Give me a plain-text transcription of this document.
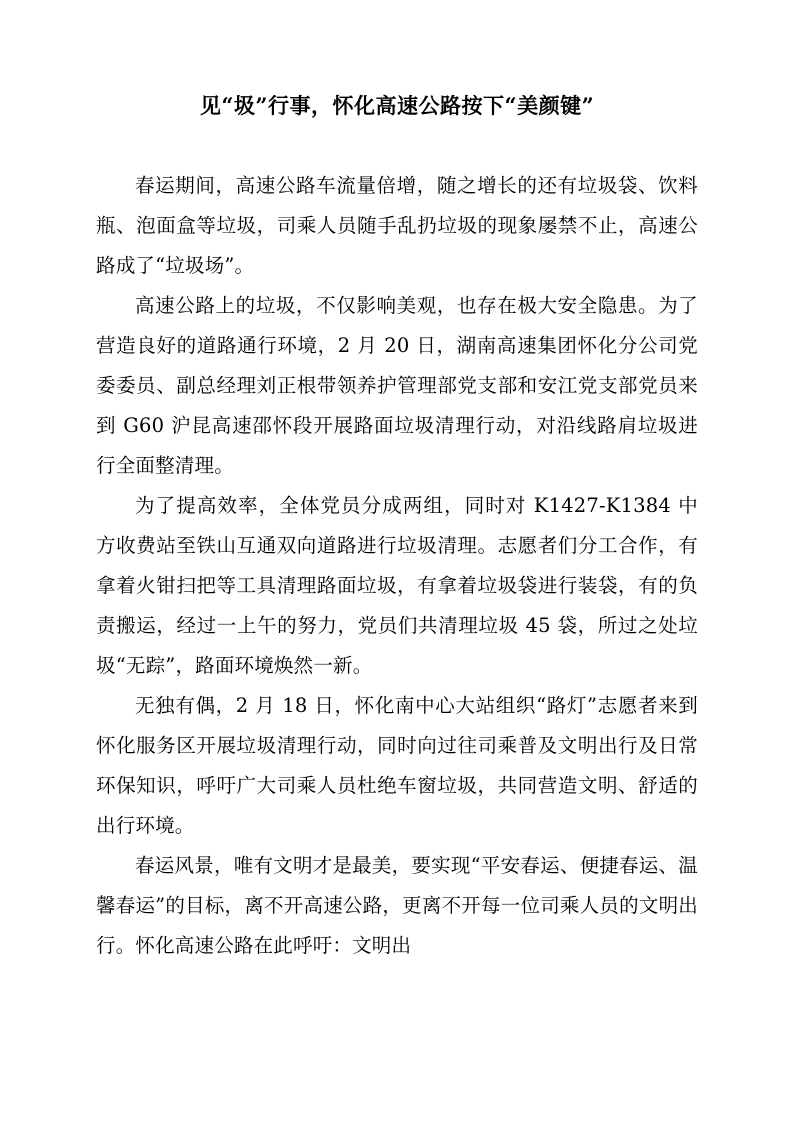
见“圾”行事，怀化高速公路按下“美颜键”

春运期间，高速公路车流量倍增，随之增长的还有垃圾袋、饮料瓶、泡面盒等垃圾，司乘人员随手乱扔垃圾的现象屡禁不止，高速公路成了“垃圾场”。

高速公路上的垃圾，不仅影响美观，也存在极大安全隐患。为了营造良好的道路通行环境，2 月 20 日，湖南高速集团怀化分公司党委委员、副总经理刘正根带领养护管理部党支部和安江党支部党员来到 G60 沪昆高速邵怀段开展路面垃圾清理行动，对沿线路肩垃圾进行全面整清理。

为了提高效率，全体党员分成两组，同时对 K1427-K1384 中方收费站至铁山互通双向道路进行垃圾清理。志愿者们分工合作，有拿着火钳扫把等工具清理路面垃圾，有拿着垃圾袋进行装袋，有的负责搬运，经过一上午的努力，党员们共清理垃圾 45 袋，所过之处垃圾“无踪”，路面环境焕然一新。

无独有偶，2 月 18 日，怀化南中心大站组织“路灯”志愿者来到怀化服务区开展垃圾清理行动，同时向过往司乘普及文明出行及日常环保知识，呼吁广大司乘人员杜绝车窗垃圾，共同营造文明、舒适的出行环境。

春运风景，唯有文明才是最美，要实现“平安春运、便捷春运、温馨春运”的目标，离不开高速公路，更离不开每一位司乘人员的文明出行。怀化高速公路在此呼吁：文明出
